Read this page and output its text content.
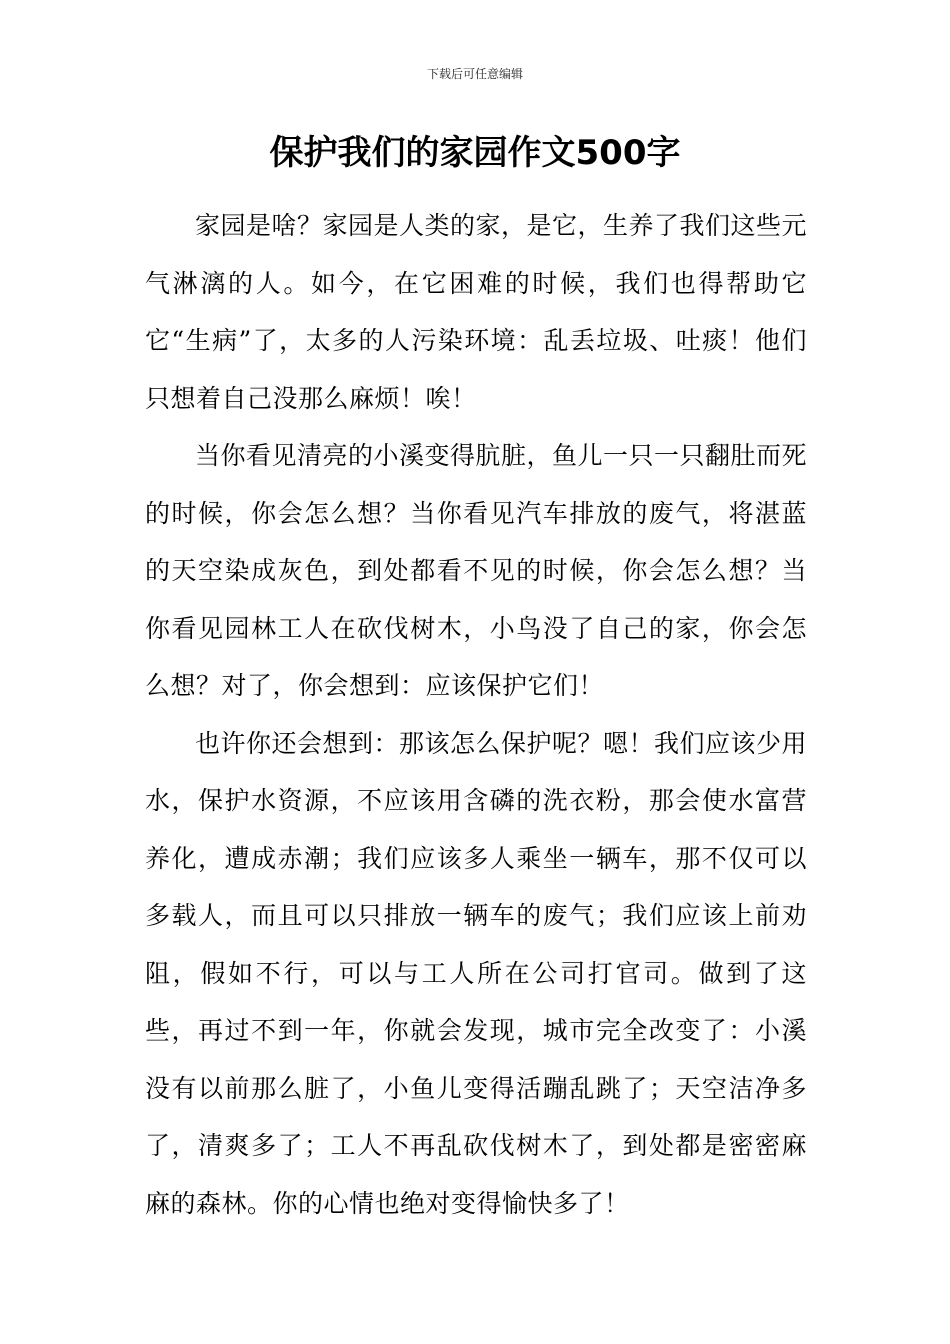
下载后可任意编辑
保护我们的家园作文500字

家园是啥？家园是人类的家，是它，生养了我们这些元气淋漓的人。如今，在它困难的时候，我们也得帮助它它“生病”了，太多的人污染环境：乱丢垃圾、吐痰！他们只想着自己没那么麻烦！唉！

当你看见清亮的小溪变得肮脏，鱼儿一只一只翻肚而死的时候，你会怎么想？当你看见汽车排放的废气，将湛蓝的天空染成灰色，到处都看不见的时候，你会怎么想？当你看见园林工人在砍伐树木，小鸟没了自己的家，你会怎么想？对了，你会想到：应该保护它们！

也许你还会想到：那该怎么保护呢？嗯！我们应该少用水，保护水资源，不应该用含磷的洗衣粉，那会使水富营养化，遭成赤潮；我们应该多人乘坐一辆车，那不仅可以多载人，而且可以只排放一辆车的废气；我们应该上前劝阻，假如不行，可以与工人所在公司打官司。做到了这些，再过不到一年，你就会发现，城市完全改变了：小溪没有以前那么脏了，小鱼儿变得活蹦乱跳了；天空洁净多了，清爽多了；工人不再乱砍伐树木了，到处都是密密麻麻的森林。你的心情也绝对变得愉快多了！
